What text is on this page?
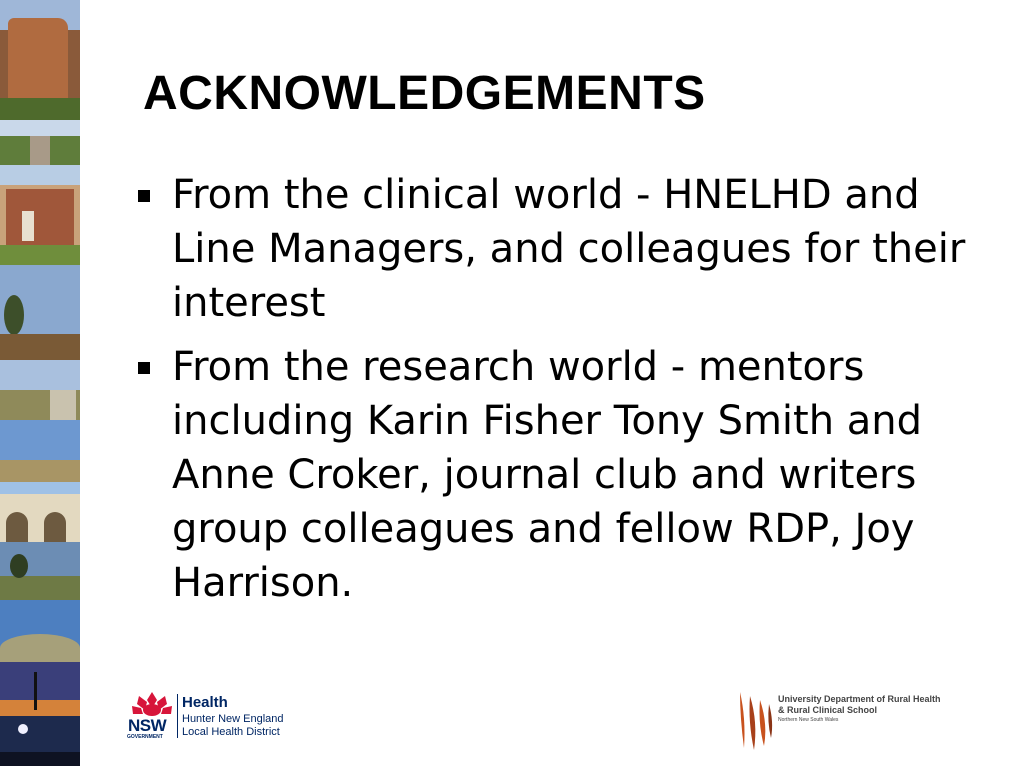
ACKNOWLEDGEMENTS
From the clinical world - HNELHD and Line Managers, and colleagues for their interest
From the research world - mentors including Karin Fisher Tony Smith and Anne Croker, journal club and writers group colleagues and fellow RDP, Joy Harrison.
NSW
GOVERNMENT
Health
Hunter New England
Local Health District
University Department of Rural Health
& Rural Clinical School
Northern New South Wales
